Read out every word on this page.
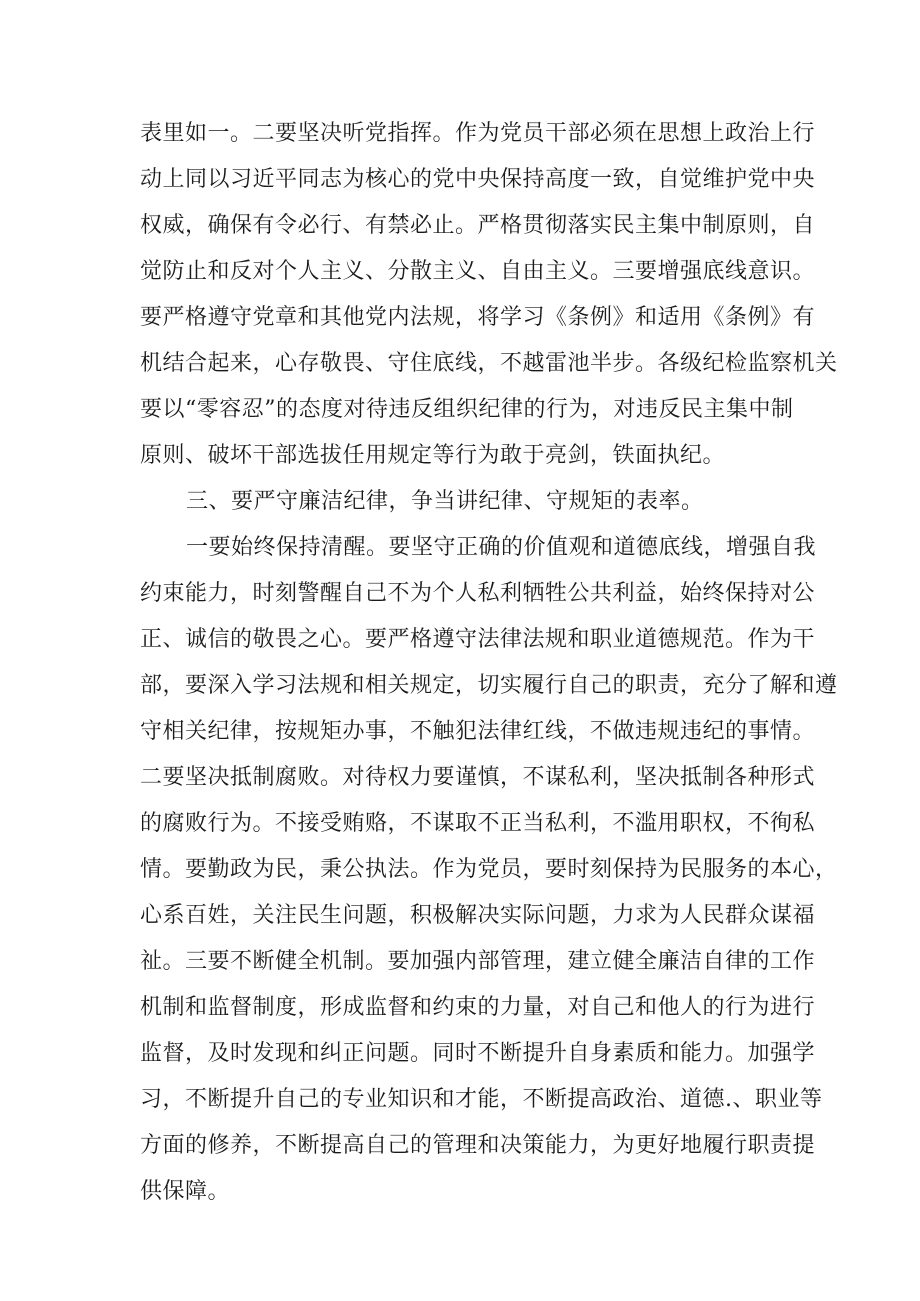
表里如一。二要坚决听党指挥。作为党员干部必须在思想上政治上行
动上同以习近平同志为核心的党中央保持高度一致，自觉维护党中央
权威，确保有令必行、有禁必止。严格贯彻落实民主集中制原则，自
觉防止和反对个人主义、分散主义、自由主义。三要增强底线意识。
要严格遵守党章和其他党内法规，将学习《条例》和适用《条例》有
机结合起来，心存敬畏、守住底线，不越雷池半步。各级纪检监察机关
要以“零容忍”的态度对待违反组织纪律的行为，对违反民主集中制
原则、破坏干部选拔任用规定等行为敢于亮剑，铁面执纪。
三、要严守廉洁纪律，争当讲纪律、守规矩的表率。
一要始终保持清醒。要坚守正确的价值观和道德底线，增强自我
约束能力，时刻警醒自己不为个人私利牺牲公共利益，始终保持对公
正、诚信的敬畏之心。要严格遵守法律法规和职业道德规范。作为干
部，要深入学习法规和相关规定，切实履行自己的职责，充分了解和遵
守相关纪律，按规矩办事，不触犯法律红线，不做违规违纪的事情。
二要坚决抵制腐败。对待权力要谨慎，不谋私利，坚决抵制各种形式
的腐败行为。不接受贿赂，不谋取不正当私利，不滥用职权，不徇私
情。要勤政为民，秉公执法。作为党员，要时刻保持为民服务的本心，
心系百姓，关注民生问题，积极解决实际问题，力求为人民群众谋福
祉。三要不断健全机制。要加强内部管理，建立健全廉洁自律的工作
机制和监督制度，形成监督和约束的力量，对自己和他人的行为进行
监督，及时发现和纠正问题。同时不断提升自身素质和能力。加强学
习，不断提升自己的专业知识和才能，不断提高政治、道德.、职业等
方面的修养，不断提高自己的管理和决策能力，为更好地履行职责提
供保障。
